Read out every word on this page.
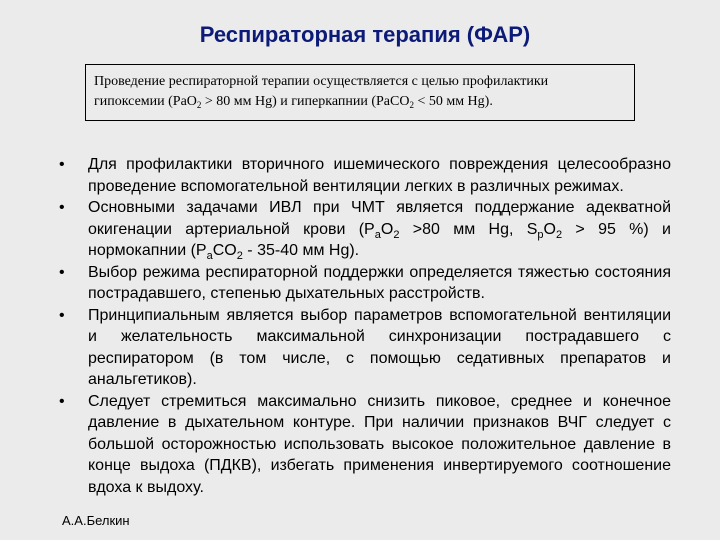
Респираторная терапия (ФАР)
Проведение респираторной терапии осуществляется с целью профилактики
гипоксемии (PaO$_2$ > 80 мм Hg) и гиперкапнии (PaCO$_2$ < 50 мм Hg).
• Для профилактики вторичного ишемического повреждения целесообразно проведение вспомогательной вентиляции легких в различных режимах.
• Основными задачами ИВЛ при ЧМТ является поддержание адекватной окигенации артериальной крови ($P_aO_2 >80$ мм Hg, $S_pO_2 > 95$ %) и нормокапнии ($P_aCO_2 - 35-40$ мм Hg).
• Выбор режима респираторной поддержки определяется тяжестью состояния пострадавшего, степенью дыхательных расстройств.
• Принципиальным является выбор параметров вспомогательной вентиляции и желательность максимальной синхронизации пострадавшего с респиратором (в том числе, с помощью седативных препаратов и анальгетиков).
• Следует стремиться максимально снизить пиковое, среднее и конечное давление в дыхательном контуре. При наличии признаков ВЧГ следует с большой осторожностью использовать высокое положительное давление в конце выдоха (ПДКВ), избегать применения инвертируемого соотношение вдоха к выдоху.
А.А.Белкин
